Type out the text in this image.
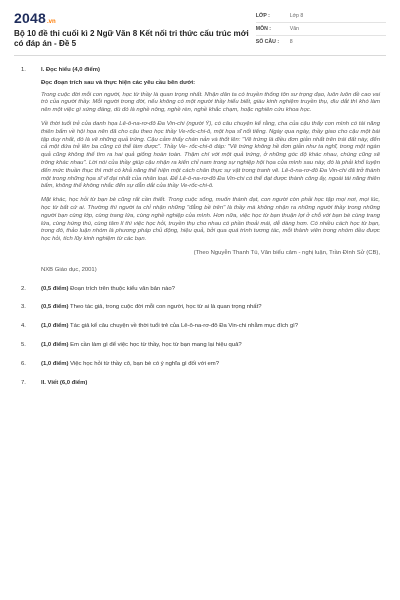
2048 .vn
Bộ 10 đề thi cuối kì 2 Ngữ Văn 8 Kết nối tri thức cấu trúc mới có đáp án - Đề 5
LỚP :	Lớp 8
MÔN :	Văn
SỐ CÂU :	8
1.	I. Đọc hiểu (4,0 điểm)
Đọc đoạn trích sau và thực hiện các yêu cầu bên dưới:

Trong cuộc đời mỗi con người, học từ thầy là quan trọng nhất. Nhận dân ta có truyền thống tôn sư trọng đạo, luôn luôn đề cao vai trò của người thầy. Mỗi người trong đời, nếu không có một người thầy hiểu biết, giàu kinh nghiệm truyền thụ, dìu dắt thì khó làm nên một việc gì xứng đáng, dù đó là nghề nông, nghề rèn, nghề khắc chạm, hoặc nghiên cứu khoa học.

Về thời tuổi trẻ của danh họa Lê-ô-na-rơ-đô Đa Vin-chi (người Ý), có câu chuyện kể rằng, cha của cậu thấy con mình có tài năng thiên bẩm về hội họa nên đã cho cậu theo học thầy Ve-rốc-chi-ô, một họa sĩ nổi tiếng. Ngày qua ngày, thầy giao cho cậu một bài tập duy nhất, đó là vẽ những quả trứng. Cậu cảm thấy chán nản và thốt lên: "Vẽ trứng là điều đơn giản nhất trên trái đất này, đến cả một đứa trẻ lên ba cũng có thể làm được". Thầy Ve- rốc-chi-ô đáp: "Vẽ trứng không hề đơn giản như ta nghĩ, trong một ngàn quả cũng không thể tìm ra hai quả giống hoàn toàn. Thậm chí với một quả trứng, ở những góc độ khác nhau, chúng cũng sẽ trông khác nhau". Lời nói của thầy giúp cậu nhận ra kiến chỉ nam trong sự nghiệp hội họa của mình sau này, đó là phải khổ luyện đến mức thuần thục thì mới có khả năng thể hiện một cách chân thực sự vật trong tranh vẽ. Lê-ô-na-rơ-đô Đa Vin-chi đã trở thành một trong những họa sĩ vĩ đại nhất của nhân loại. Để Lê-ô-na-rơ-đô Đa Vin-chi có thể đạt được thành công ấy, ngoài tài năng thiên bẩm, không thể không nhắc đến sự dẫn dắt của thầy Ve-rốc-chi-ô.

Mặt khác, học hỏi từ bạn bè cũng rất cần thiết. Trong cuộc sống, muốn thành đạt, con người còn phải học tập mọi nơi, mọi lúc, học từ bất cứ ai. Thường thì người ta chỉ nhận những "đẳng bề trên" là thầy mà không nhận ra những người thầy trong những người bạn cùng lớp, cùng trang lứa, cùng nghề nghiệp của mình. Hơn nữa, việc học từ bạn thuận lợi ở chỗ với bạn bè cùng trang lứa, cùng hứng thú, cùng tâm lí thì việc học hỏi, truyền thụ cho nhau có phần thoải mái, dễ dàng hơn. Có nhiều cách học từ bạn, trong đó, thảo luận nhóm là phương pháp chủ động, hiệu quả, bởi qua quá trình tương tác, mỗi thành viên trong nhóm đều được học hỏi, tích lũy kinh nghiệm từ các bạn.

(Theo Nguyễn Thanh Tú, Văn biểu cảm - nghị luận, Trần Đình Sử (CB),
NXB Giáo dục, 2001)
2.	(0,5 điểm) Đoạn trích trên thuộc kiểu văn bản nào?
3.	(0,5 điểm) Theo tác giả, trong cuộc đời mỗi con người, học từ ai là quan trọng nhất?
4.	(1,0 điểm) Tác giả kể câu chuyện về thời tuổi trẻ của Lê-ô-na-rơ-đô Đa Vin-chi nhằm mục đích gì?
5.	(1,0 điểm) Em cần làm gì để việc học từ thầy, học từ bạn mang lại hiệu quả?
6.	(1,0 điểm) Việc học hỏi từ thầy cô, bạn bè có ý nghĩa gì đối với em?
7.	II. Viết (6,0 điểm)
